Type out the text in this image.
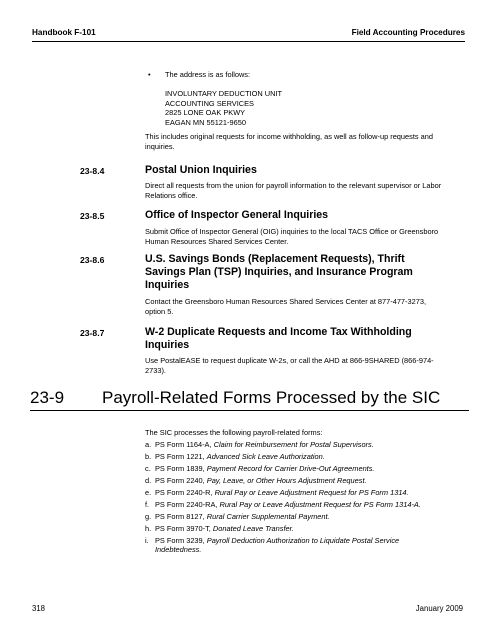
Handbook F-101	Field Accounting Procedures
• The address is as follows:
INVOLUNTARY DEDUCTION UNIT
ACCOUNTING SERVICES
2825 LONE OAK PKWY
EAGAN MN 55121-9650
This includes original requests for income withholding, as well as follow-up requests and inquiries.
23-8.4	Postal Union Inquiries
Direct all requests from the union for payroll information to the relevant supervisor or Labor Relations office.
23-8.5	Office of Inspector General Inquiries
Submit Office of Inspector General (OIG) inquiries to the local TACS Office or Greensboro Human Resources Shared Services Center.
23-8.6	U.S. Savings Bonds (Replacement Requests), Thrift Savings Plan (TSP) Inquiries, and Insurance Program Inquiries
Contact the Greensboro Human Resources Shared Services Center at 877-477-3273, option 5.
23-8.7	W-2 Duplicate Requests and Income Tax Withholding Inquiries
Use PostalEASE to request duplicate W-2s, or call the AHD at 866-9SHARED (866-974-2733).
23-9 Payroll-Related Forms Processed by the SIC
The SIC processes the following payroll-related forms:
a. PS Form 1164-A, Claim for Reimbursement for Postal Supervisors.
b. PS Form 1221, Advanced Sick Leave Authorization.
c. PS Form 1839, Payment Record for Carrier Drive-Out Agreements.
d. PS Form 2240, Pay, Leave, or Other Hours Adjustment Request.
e. PS Form 2240-R, Rural Pay or Leave Adjustment Request for PS Form 1314.
f. PS Form 2240-RA, Rural Pay or Leave Adjustment Request for PS Form 1314-A.
g. PS Form 8127, Rural Carrier Supplemental Payment.
h. PS Form 3970-T, Donated Leave Transfer.
i. PS Form 3239, Payroll Deduction Authorization to Liquidate Postal Service Indebtedness.
318	January 2009
